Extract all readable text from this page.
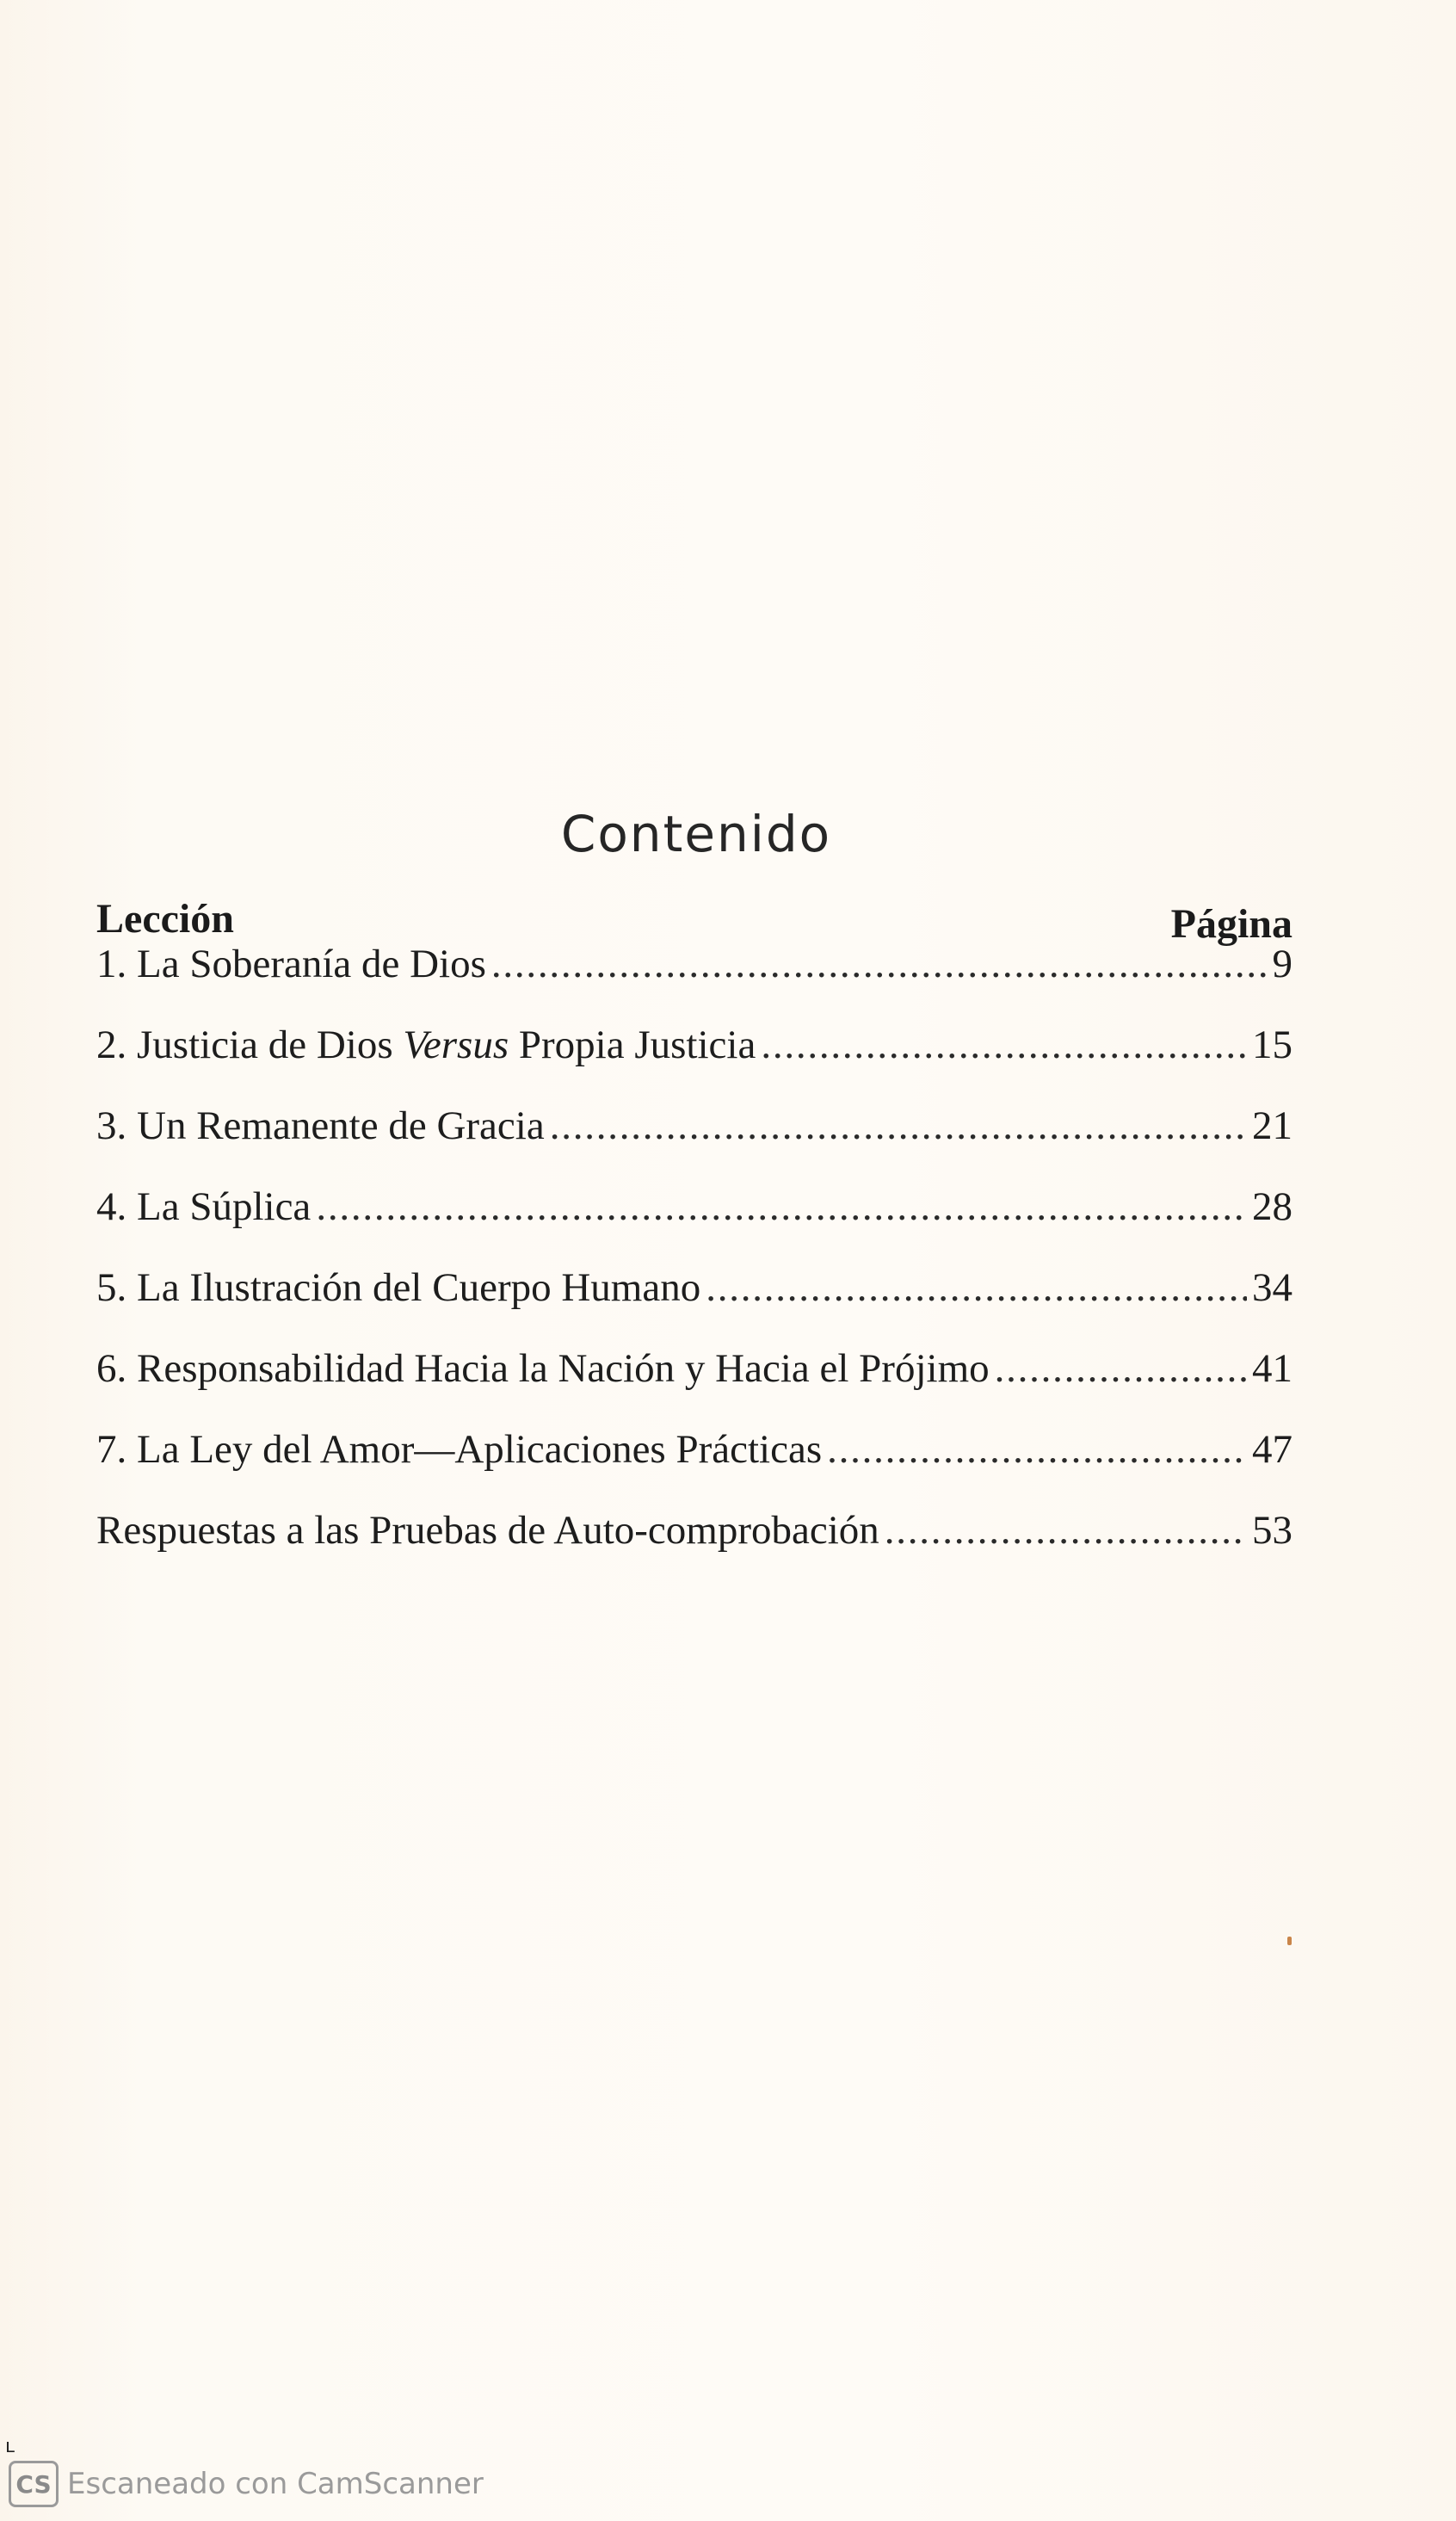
Contenido
Lección	Página
1. La Soberanía de Dios . . .	9
2. Justicia de Dios Versus Propia Justicia . . .	15
3. Un Remanente de Gracia . . .	21
4. La Súplica . . .	28
5. La Ilustración del Cuerpo Humano . . .	34
6. Responsabilidad Hacia la Nación y Hacia el Prójimo . . .	41
7. La Ley del Amor—Aplicaciones Prácticas . . .	47
Respuestas a las Pruebas de Auto-comprobación . . .	53
ʟ
CS Escaneado con CamScanner
